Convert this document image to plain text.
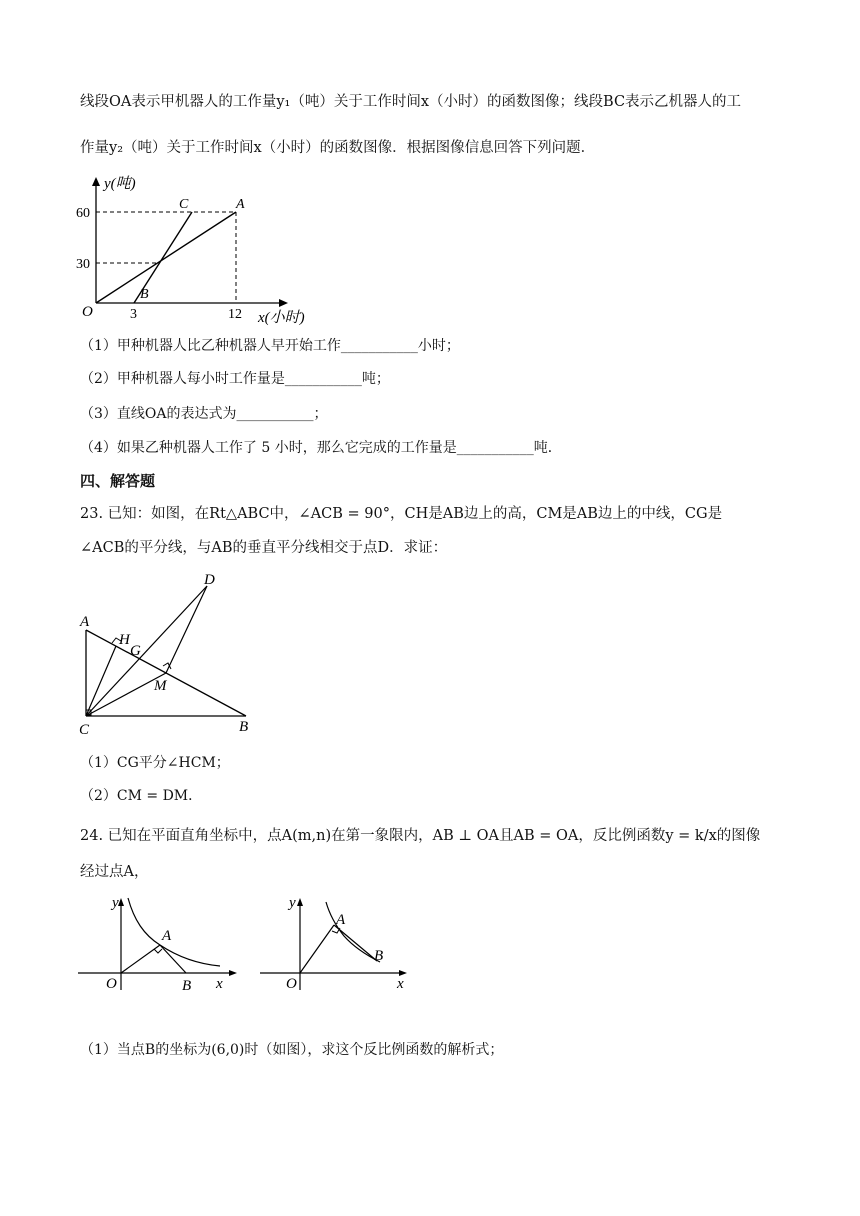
线段OA表示甲机器人的工作量y₁（吨）关于工作时间x（小时）的函数图像；线段BC表示乙机器人的工
作量y₂（吨）关于工作时间x（小时）的函数图像．根据图像信息回答下列问题．
y(吨)
x(小时)
60
30
3	12
O
A
B
C
（1）甲种机器人比乙种机器人早开始工作___________小时；
（2）甲种机器人每小时工作量是___________吨；
（3）直线OA的表达式为___________；
（4）如果乙种机器人工作了 5 小时，那么它完成的工作量是___________吨．
四、解答题
23. 已知：如图，在Rt△ABC中，∠ACB = 90°，CH是AB边上的高，CM是AB边上的中线，CG是
∠ACB的平分线，与AB的垂直平分线相交于点D．求证：
A
B
C
D
H
G
M
（1）CG平分∠HCM；
（2）CM = DM．
24. 已知在平面直角坐标中，点A(m,n)在第一象限内，AB ⊥ OA且AB = OA，反比例函数y = k/x的图像
经过点A，
y
x
O
A
B
y
x
O
A
B
（1）当点B的坐标为(6,0)时（如图），求这个反比例函数的解析式；
